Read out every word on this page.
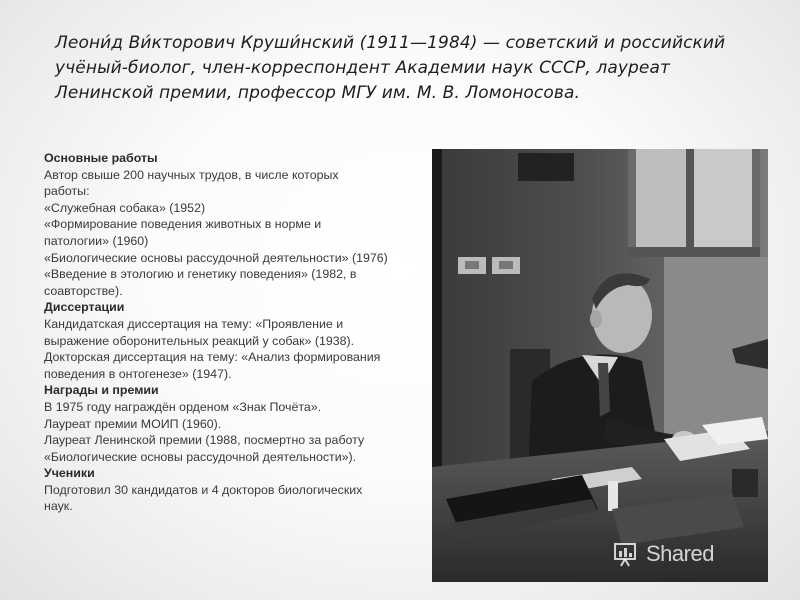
Леони́д Ви́кторович Круши́нский (1911—1984) — советский и российский учёный-биолог, член-корреспондент Академии наук СССР, лауреат Ленинской премии, профессор МГУ им. М. В. Ломоносова.
Основные работы
Автор свыше 200 научных трудов, в числе которых
работы:
«Служебная собака» (1952)
«Формирование поведения животных в норме и
патологии» (1960)
«Биологические основы рассудочной деятельности» (1976)
«Введение в этологию и генетику поведения» (1982, в
соавторстве).
Диссертации
Кандидатская диссертация на тему: «Проявление и
выражение оборонительных реакций у собак» (1938).
Докторская диссертация на тему: «Анализ формирования
поведения в онтогенезе» (1947).
Награды и премии
В 1975 году награждён орденом «Знак Почёта».
Лауреат премии МОИП (1960).
Лауреат Ленинской премии (1988, посмертно за работу
«Биологические основы рассудочной деятельности»).
Ученики
Подготовил 30 кандидатов и 4 докторов биологических
наук.
Shared
